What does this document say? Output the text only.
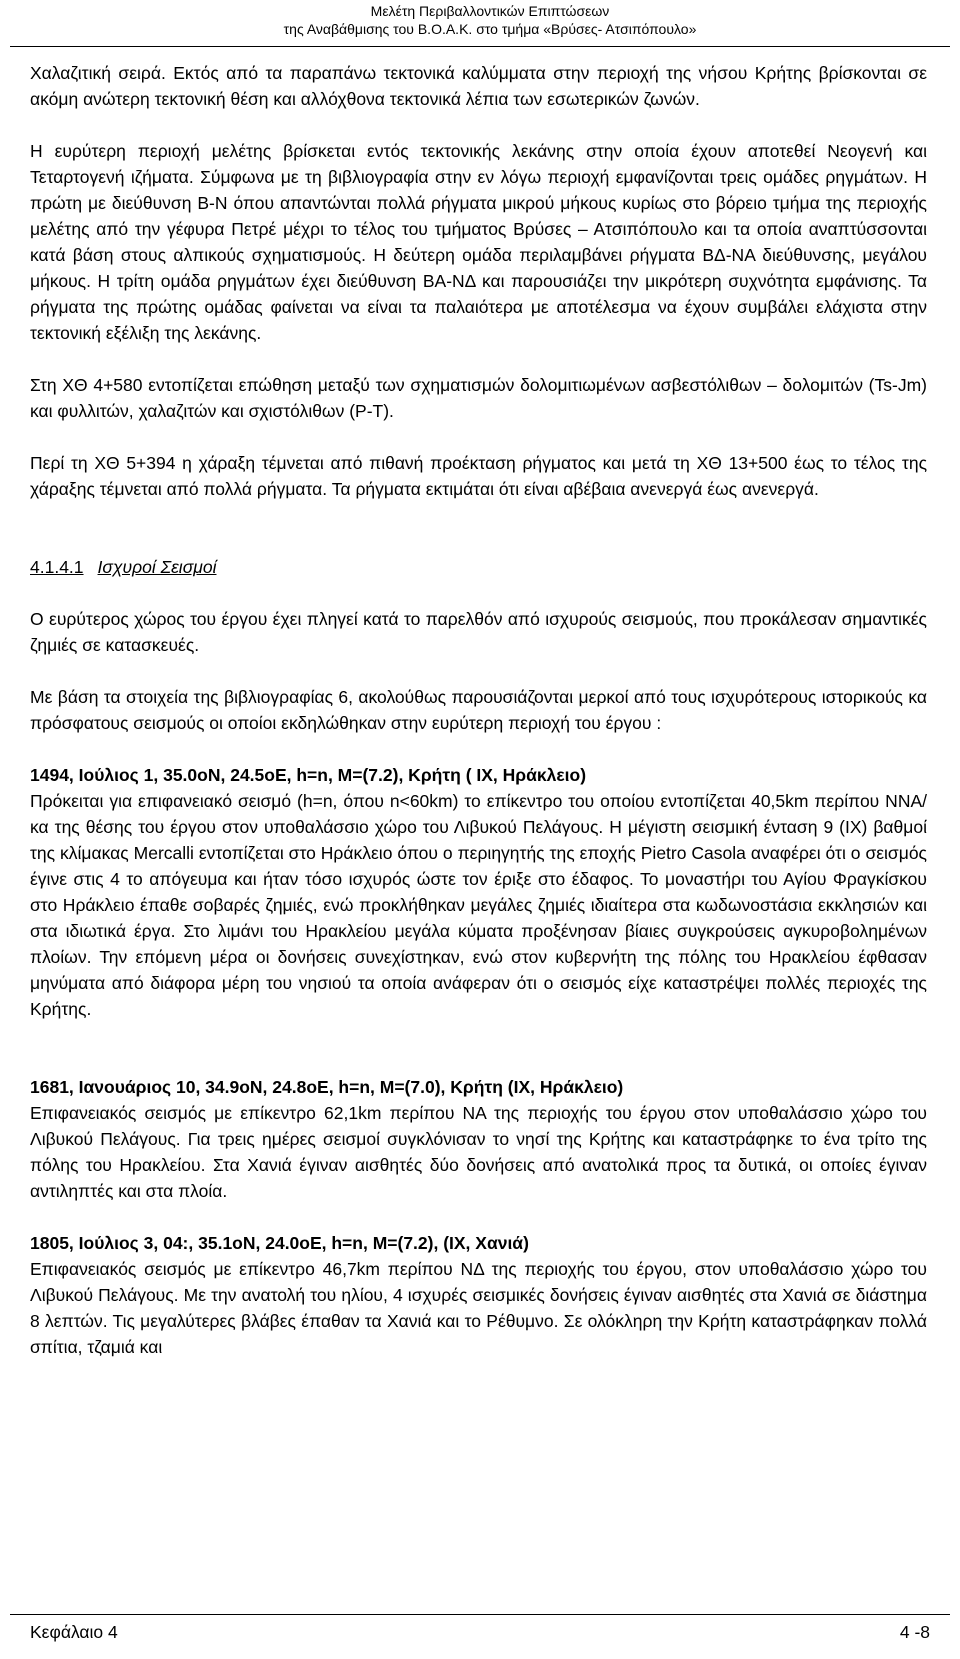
Μελέτη Περιβαλλοντικών Επιπτώσεων
της Αναβάθμισης του Β.Ο.Α.Κ. στο τμήμα «Βρύσες- Ατσιπόπουλο»

Χαλαζιτική σειρά. Εκτός από τα παραπάνω τεκτονικά καλύμματα στην περιοχή της νήσου Κρήτης βρίσκονται σε ακόμη ανώτερη τεκτονική θέση και αλλόχθονα τεκτονικά λέπια των εσωτερικών ζωνών.

Η ευρύτερη περιοχή μελέτης βρίσκεται εντός τεκτονικής λεκάνης στην οποία έχουν αποτεθεί Νεογενή και Τεταρτογενή ιζήματα. Σύμφωνα με τη βιβλιογραφία στην εν λόγω περιοχή εμφανίζονται τρεις ομάδες ρηγμάτων. Η πρώτη με διεύθυνση Β-Ν όπου απαντώνται πολλά ρήγματα μικρού μήκους κυρίως στο βόρειο τμήμα της περιοχής μελέτης από την γέφυρα Πετρέ μέχρι το τέλος του τμήματος Βρύσες – Ατσιπόπουλο και τα οποία αναπτύσσονται κατά βάση στους αλπικούς σχηματισμούς. Η δεύτερη ομάδα περιλαμβάνει ρήγματα ΒΔ-ΝΑ διεύθυνσης, μεγάλου μήκους. Η τρίτη ομάδα ρηγμάτων έχει διεύθυνση ΒΑ-ΝΔ και παρουσιάζει την μικρότερη συχνότητα εμφάνισης. Τα ρήγματα της πρώτης ομάδας φαίνεται να είναι τα παλαιότερα με αποτέλεσμα να έχουν συμβάλει ελάχιστα στην τεκτονική εξέλιξη της λεκάνης.

Στη ΧΘ 4+580 εντοπίζεται επώθηση μεταξύ των σχηματισμών δολομιτιωμένων ασβεστόλιθων – δολομιτών (Ts-Jm) και φυλλιτών, χαλαζιτών και σχιστόλιθων (P-T).

Περί τη ΧΘ 5+394 η χάραξη τέμνεται από πιθανή προέκταση ρήγματος και μετά τη ΧΘ 13+500 έως το τέλος της χάραξης τέμνεται από πολλά ρήγματα. Τα ρήγματα εκτιμάται ότι είναι αβέβαια ανενεργά έως ανενεργά.

4.1.4.1 Ισχυροί Σεισμοί

Ο ευρύτερος χώρος του έργου έχει πληγεί κατά το παρελθόν από ισχυρούς σεισμούς, που προκάλεσαν σημαντικές ζημιές σε κατασκευές.

Με βάση τα στοιχεία της βιβλιογραφίας 6, ακολούθως παρουσιάζονται μερκοί από τους ισχυρότερους ιστορικούς κα πρόσφατους σεισμούς οι οποίοι εκδηλώθηκαν στην ευρύτερη περιοχή του έργου :

1494, Ιούλιος 1, 35.0oN, 24.5oE, h=n, M=(7.2), Κρήτη ( ΙΧ, Ηράκλειο)

Πρόκειται για επιφανειακό σεισμό (h=n, όπου n<60km) το επίκεντρο του οποίου εντοπίζεται 40,5km περίπου ΝΝΑ/κα της θέσης του έργου στον υποθαλάσσιο χώρο του Λιβυκού Πελάγους. Η μέγιστη σεισμική ένταση 9 (ΙΧ) βαθμοί της κλίμακας Mercalli εντοπίζεται στο Ηράκλειο όπου ο περιηγητής της εποχής Pietro Casola αναφέρει ότι ο σεισμός έγινε στις 4 το απόγευμα και ήταν τόσο ισχυρός ώστε τον έριξε στο έδαφος. Το μοναστήρι του Αγίου Φραγκίσκου στο Ηράκλειο έπαθε σοβαρές ζημιές, ενώ προκλήθηκαν μεγάλες ζημιές ιδιαίτερα στα κωδωνοστάσια εκκλησιών και στα ιδιωτικά έργα. Στο λιμάνι του Ηρακλείου μεγάλα κύματα προξένησαν βίαιες συγκρούσεις αγκυροβολημένων πλοίων. Την επόμενη μέρα οι δονήσεις συνεχίστηκαν, ενώ στον κυβερνήτη της πόλης του Ηρακλείου έφθασαν μηνύματα από διάφορα μέρη του νησιού τα οποία ανάφεραν ότι ο σεισμός είχε καταστρέψει πολλές περιοχές της Κρήτης.

1681, Ιανουάριος 10, 34.9oN, 24.8oE, h=n, M=(7.0), Κρήτη (ΙΧ, Ηράκλειο)

Επιφανειακός σεισμός με επίκεντρο 62,1km περίπου ΝΑ της περιοχής του έργου στον υποθαλάσσιο χώρο του Λιβυκού Πελάγους. Για τρεις ημέρες σεισμοί συγκλόνισαν το νησί της Κρήτης και καταστράφηκε το ένα τρίτο της πόλης του Ηρακλείου. Στα Χανιά έγιναν αισθητές δύο δονήσεις από ανατολικά προς τα δυτικά, οι οποίες έγιναν αντιληπτές και στα πλοία.

1805, Ιούλιος 3, 04:, 35.1oN, 24.0oE, h=n, M=(7.2), (ΙΧ, Χανιά)

Επιφανειακός σεισμός με επίκεντρο 46,7km περίπου ΝΔ της περιοχής του έργου, στον υποθαλάσσιο χώρο του Λιβυκού Πελάγους. Με την ανατολή του ηλίου, 4 ισχυρές σεισμικές δονήσεις έγιναν αισθητές στα Χανιά σε διάστημα 8 λεπτών. Τις μεγαλύτερες βλάβες έπαθαν τα Χανιά και το Ρέθυμνο. Σε ολόκληρη την Κρήτη καταστράφηκαν πολλά σπίτια, τζαμιά και

Κεφάλαιο 4	4 -8
